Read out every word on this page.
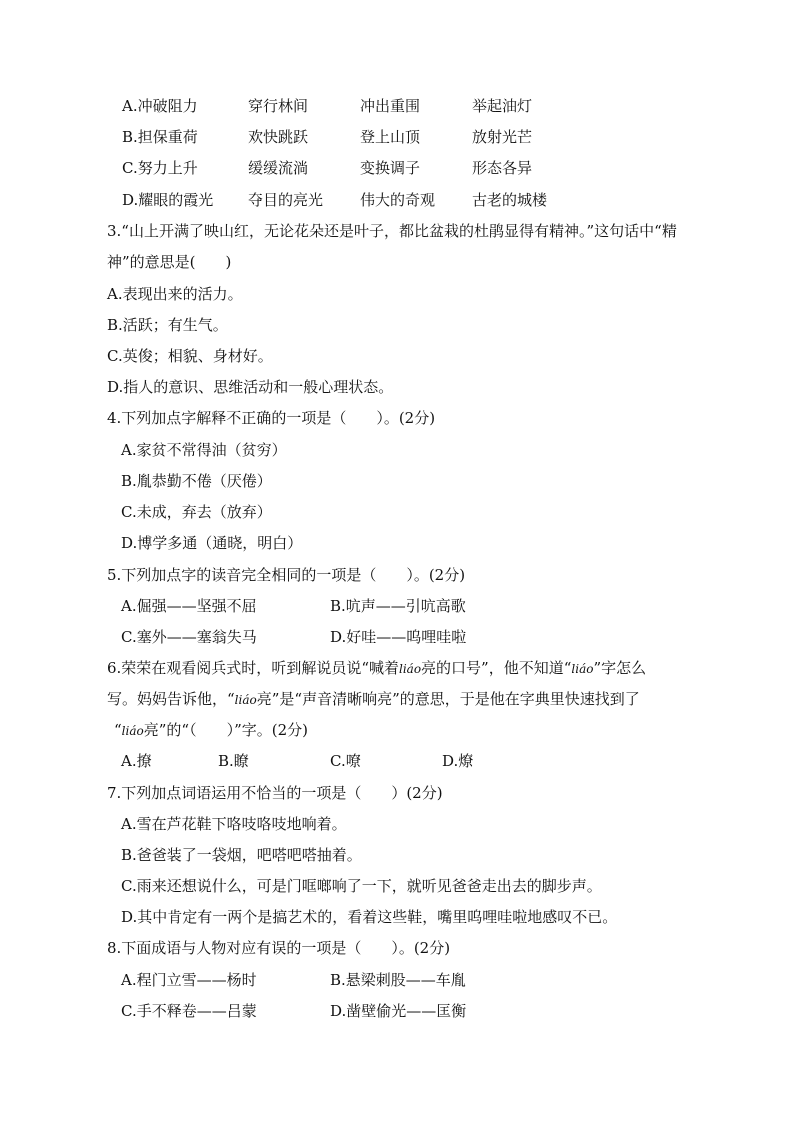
A.冲破阻力	穿行林间	冲出重围	举起油灯
B.担保重荷	欢快跳跃	登上山顶	放射光芒
C.努力上升	缓缓流淌	变换调子	形态各异
D.耀眼的霞光 夺目的亮光 伟大的奇观 古老的城楼
3.“山上开满了映山红，无论花朵还是叶子，都比盆栽的杜鹃显得有精神。”这句话中“精
神”的意思是(　　)
A.表现出来的活力。
B.活跃；有生气。
C.英俊；相貌、身材好。
D.指人的意识、思维活动和一般心理状态。
4.下列加点字解释不正确的一项是（　　）。(2分)
A.家贫不常得油（贫穷）
B.胤恭勤不倦（厌倦）
C.未成，弃去（放弃）
D.博学多通（通晓，明白）
5.下列加点字的读音完全相同的一项是（　　）。(2分)
A.倔强——坚强不屈	B.吭声——引吭高歌
C.塞外——塞翁失马	D.好哇——呜哩哇啦
6.荣荣在观看阅兵式时，听到解说员说“喊着liáo亮的口号”，他不知道“liáo”字怎么
写。妈妈告诉他，“liáo亮”是“声音清晰响亮”的意思，于是他在字典里快速找到了
“liáo亮”的“（　　）”字。(2分)
A.撩	B.瞭	C.嘹	D.燎
7.下列加点词语运用不恰当的一项是（　　）(2分)
A.雪在芦花鞋下咯吱咯吱地响着。
B.爸爸装了一袋烟，吧嗒吧嗒抽着。
C.雨来还想说什么，可是门哐啷响了一下，就听见爸爸走出去的脚步声。
D.其中肯定有一两个是搞艺术的，看着这些鞋，嘴里呜哩哇啦地感叹不已。
8.下面成语与人物对应有误的一项是（　　）。(2分)
A.程门立雪——杨时	B.悬梁刺股——车胤
C.手不释卷——吕蒙	D.凿壁偷光——匡衡
